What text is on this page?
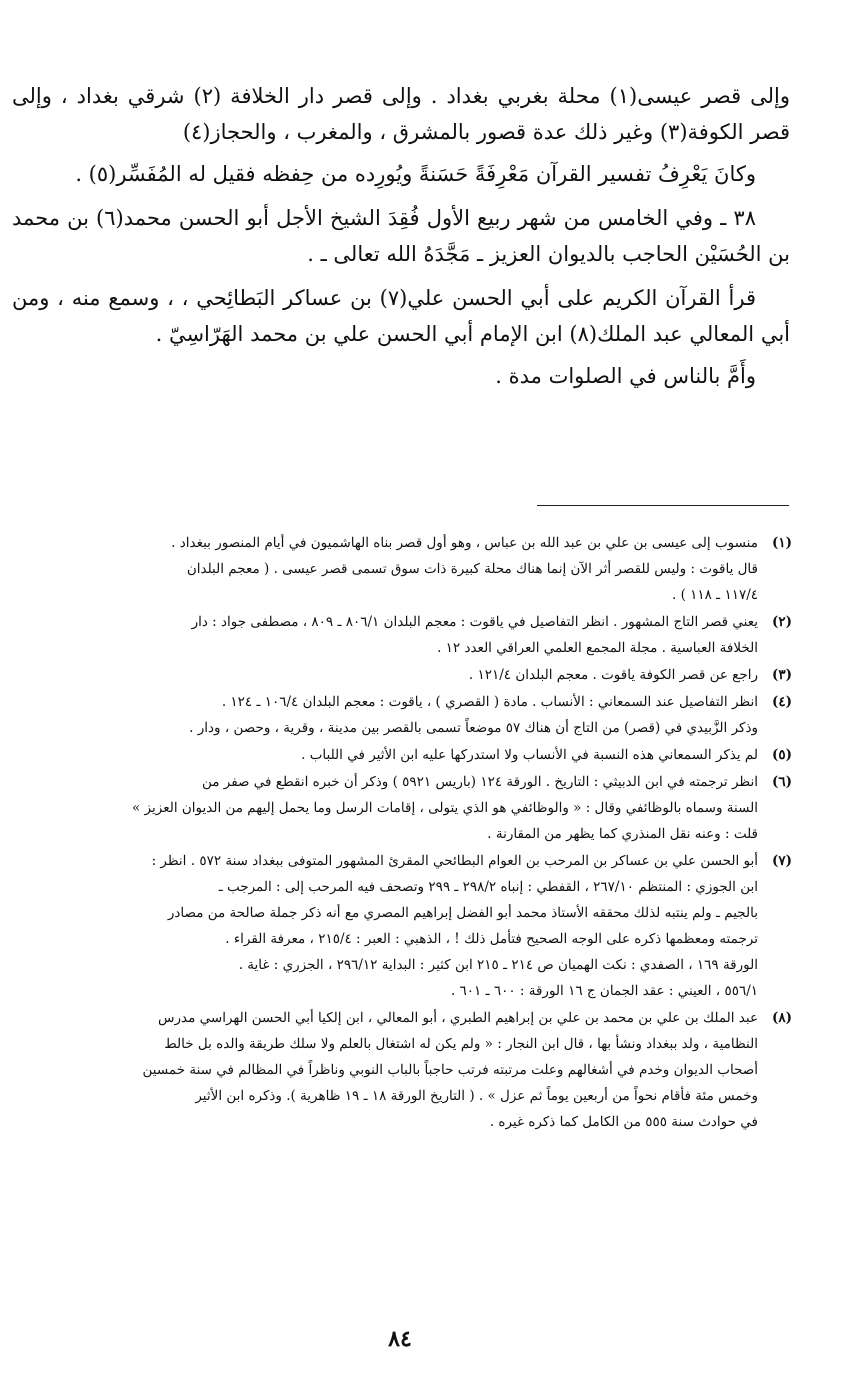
وإلى قصر عيسى(١) محلة بغربي بغداد . وإلى قصر دار الخلافة (٢) شرقي بغداد ، وإلى قصر الكوفة(٣) وغير ذلك عدة قصور بالمشرق ، والمغرب ، والحجاز(٤)

وكانَ يَعْرِفُ تفسير القرآن مَعْرِفَةً حَسَنةً ويُورِده من حِفظه فقيل له المُفَسِّر(٥) .

٣٨ ـ وفي الخامس من شهر ربيع الأول فُقِدَ الشيخ الأجل أبو الحسن محمد(٦) بن محمد بن الحُسَيْن الحاجب بالديوان العزيز ـ مَجَّدَهُ الله تعالى ـ .

قرأ القرآن الكريم على أبي الحسن علي(٧) بن عساكر البَطائِحي ، ، وسمع منه ، ومن أبي المعالي عبد الملك(٨) ابن الإمام أبي الحسن علي بن محمد الهَرّاسِيّ .

وأَمَّ بالناس في الصلوات مدة .

(١)
منسوب إلى عيسى بن علي بن عبد الله بن عباس ، وهو أول قصر بناه الهاشميون في أيام المنصور ببغداد .
قال ياقوت : وليس للقصر أثر الآن إنما هناك محلة كبيرة ذات سوق تسمى قصر عيسى . ( معجم البلدان
١١٧/٤ ـ ١١٨ ) .
(٢)
يعني قصر التاج المشهور . انظر التفاصيل في ياقوت : معجم البلدان ٨٠٦/١ ـ ٨٠٩ ، مصطفى جواد : دار
الخلافة العباسية . مجلة المجمع العلمي العراقي العدد ١٢ .
(٣)
راجع عن قصر الكوفة ياقوت . معجم البلدان ١٢١/٤ .
(٤)
انظر التفاصيل عند السمعاني : الأنساب . مادة ( القصري ) ، ياقوت : معجم البلدان ١٠٦/٤ ـ ١٢٤ .
وذكر الزَّبيدي في (قصر) من التاج أن هناك ٥٧ موضعاً تسمى بالقصر بين مدينة ، وقرية ، وحصن ، ودار .
(٥)
لم يذكر السمعاني هذه النسبة في الأنساب ولا استدركها عليه ابن الأثير في اللباب .
(٦)
انظر ترجمته في ابن الدبيثي : التاريخ . الورقة ١٢٤ (باريس ٥٩٢١ ) وذكر أن خبره انقطع في صفر من
السنة وسماه بالوظائفي وقال : « والوظائفي هو الذي يتولى ، إقامات الرسل وما يحمل إليهم من الديوان العزيز »
قلت : وعنه نقل المنذري كما يظهر من المقارنة .
(٧)
أبو الحسن علي بن عساكر بن المرحب بن العوام البطائحي المقرئ المشهور المتوفى ببغداد سنة ٥٧٢ . انظر :
ابن الجوزي : المنتظم ٢٦٧/١٠ ، القفطي : إنباه ٢٩٨/٢ ـ ٢٩٩ وتصحف فيه المرحب إلى : المرجب ـ
بالجيم ـ ولم ينتبه لذلك محققه الأستاذ محمد أبو الفضل إبراهيم المصري مع أنه ذكر جملة صالحة من مصادر
ترجمته ومعظمها ذكره على الوجه الصحيح فتأمل ذلك ! ، الذهبي : العبر : ٢١٥/٤ ، معرفة القراء .
الورقة ١٦٩ ، الصفدي : نكت الهميان ص ٢١٤ ـ ٢١٥ ابن كثير : البداية ٢٩٦/١٢ ، الجزري : غاية .
٥٥٦/١ ، العيني : عقد الجمان ج ١٦ الورقة : ٦٠٠ ـ ٦٠١ .
(٨)
عبد الملك بن علي بن محمد بن علي بن إبراهيم الطبري ، أبو المعالي ، ابن إلكيا أبي الحسن الهراسي مدرس
النظامية ، ولد ببغداد ونشأ بها ، قال ابن النجار : « ولم يكن له اشتغال بالعلم ولا سلك طريقة والده بل خالط
أصحاب الديوان وخدم في أشغالهم وعلت مرتبته فرتب حاجباً بالباب النوبي وناظراً في المظالم في سنة خمسين
وخمس مئة فأقام نحواً من أربعين يوماً ثم عزل » . ( التاريخ الورقة ١٨ ـ ١٩ ظاهرية ). وذكره ابن الأثير
في حوادث سنة ٥٥٥ من الكامل كما ذكره غيره .
٨٤
